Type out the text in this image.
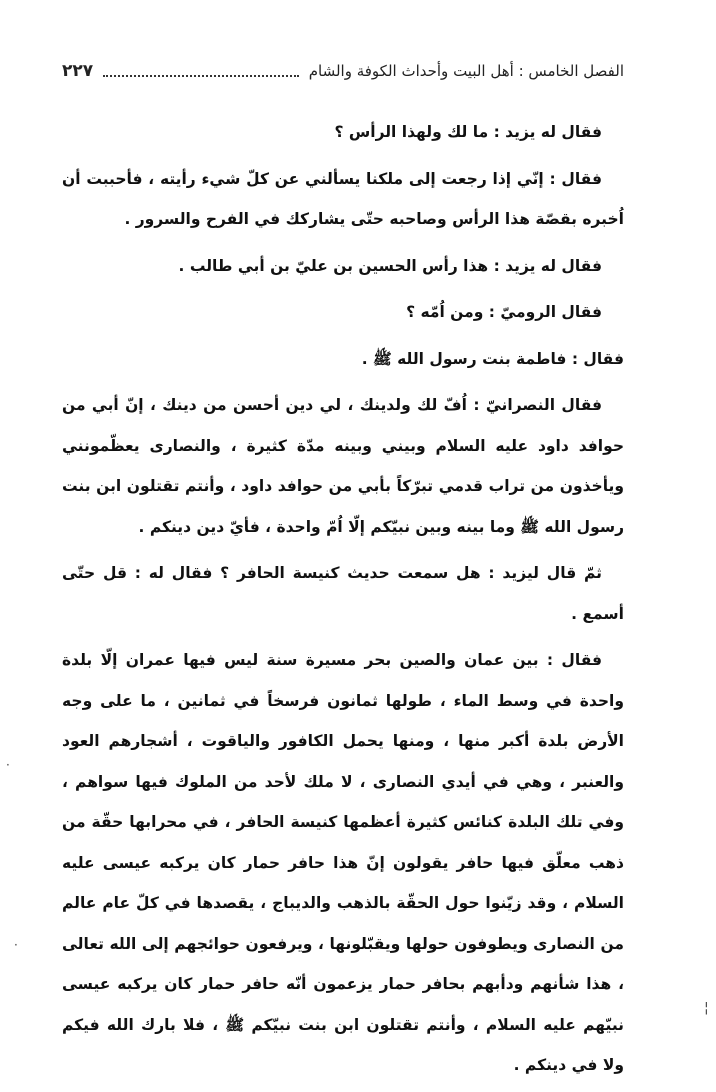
الفصل الخامس : أهل البيت وأحداث الكوفة والشام
٢٢٧

فقال له يزيد : ما لك ولهذا الرأس ؟

فقال : إنّي إذا رجعت إلى ملكنا يسألني عن كلّ شيء رأيته ، فأحببت أن اُخبره بقصّة هذا الرأس وصاحبه حتّى يشاركك في الفرح والسرور .

فقال له يزيد : هذا رأس الحسين بن عليّ بن أبي طالب .

فقال الروميّ : ومن اُمّه ؟

فقال : فاطمة بنت رسول الله ﷺ .

فقال النصرانيّ : اُفّ لك ولدينك ، لي دين أحسن من دينك ، إنّ أبي من حوافد داود عليه السلام وبيني وبينه مدّة كثيرة ، والنصارى يعظّمونني ويأخذون من تراب قدمي تبرّكاً بأبي من حوافد داود ، وأنتم تقتلون ابن بنت رسول الله ﷺ وما بينه وبين نبيّكم إلّا اُمّ واحدة ، فأيّ دين دينكم .

ثمّ قال ليزيد : هل سمعت حديث كنيسة الحافر ؟ فقال له : قل حتّى أسمع .

فقال : بين عمان والصين بحر مسيرة سنة ليس فيها عمران إلّا بلدة واحدة في وسط الماء ، طولها ثمانون فرسخاً في ثمانين ، ما على وجه الأرض بلدة أكبر منها ، ومنها يحمل الكافور والياقوت ، أشجارهم العود والعنبر ، وهي في أيدي النصارى ، لا ملك لأحد من الملوك فيها سواهم ، وفي تلك البلدة كنائس كثيرة أعظمها كنيسة الحافر ، في محرابها حقّة من ذهب معلّق فيها حافر يقولون إنّ هذا حافر حمار كان يركبه عيسى عليه السلام ، وقد زيّنوا حول الحقّة بالذهب والديباج ، يقصدها في كلّ عام عالم من النصارى ويطوفون حولها ويقبّلونها ، ويرفعون حوائجهم إلى الله تعالى ، هذا شأنهم ودأبهم بحافر حمار يزعمون أنّه حافر حمار كان يركبه عيسى نبيّهم عليه السلام ، وأنتم تقتلون ابن بنت نبيّكم ﷺ ، فلا بارك الله فيكم ولا في دينكم .

·
·
¦
